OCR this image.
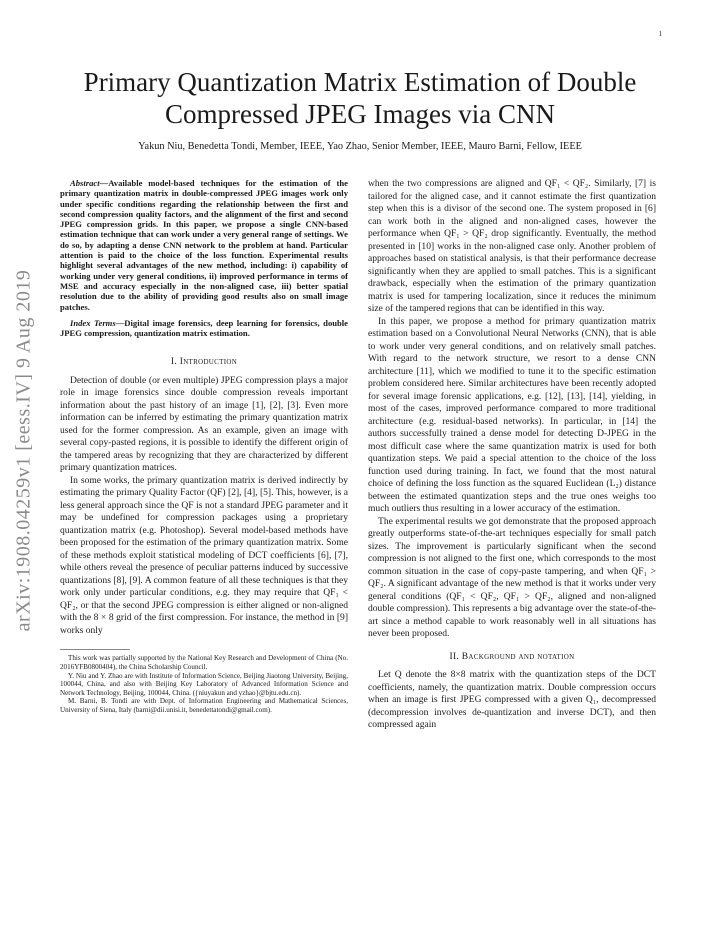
1
arXiv:1908.04259v1 [eess.IV] 9 Aug 2019
Primary Quantization Matrix Estimation of Double Compressed JPEG Images via CNN

Yakun Niu, Benedetta Tondi, Member, IEEE, Yao Zhao, Senior Member, IEEE, Mauro Barni, Fellow, IEEE

Abstract—Available model-based techniques for the estimation of the primary quantization matrix in double-compressed JPEG images work only under specific conditions regarding the relationship between the first and second compression quality factors, and the alignment of the first and second JPEG compression grids. In this paper, we propose a single CNN-based estimation technique that can work under a very general range of settings. We do so, by adapting a dense CNN network to the problem at hand. Particular attention is paid to the choice of the loss function. Experimental results highlight several advantages of the new method, including: i) capability of working under very general conditions, ii) improved performance in terms of MSE and accuracy especially in the non-aligned case, iii) better spatial resolution due to the ability of providing good results also on small image patches.

Index Terms—Digital image forensics, deep learning for forensics, double JPEG compression, quantization matrix estimation.

I. Introduction

Detection of double (or even multiple) JPEG compression plays a major role in image forensics since double compression reveals important information about the past history of an image [1], [2], [3]. Even more information can be inferred by estimating the primary quantization matrix used for the former compression. As an example, given an image with several copy-pasted regions, it is possible to identify the different origin of the tampered areas by recognizing that they are characterized by different primary quantization matrices.

In some works, the primary quantization matrix is derived indirectly by estimating the primary Quality Factor (QF) [2], [4], [5]. This, however, is a less general approach since the QF is not a standard JPEG parameter and it may be undefined for compression packages using a proprietary quantization matrix (e.g. Photoshop). Several model-based methods have been proposed for the estimation of the primary quantization matrix. Some of these methods exploit statistical modeling of DCT coefficients [6], [7], while others reveal the presence of peculiar patterns induced by successive quantizations [8], [9]. A common feature of all these techniques is that they work only under particular conditions, e.g. they may require that QF₁ < QF₂, or that the second JPEG compression is either aligned or non-aligned with the 8 × 8 grid of the first compression. For instance, the method in [9] works only

This work was partially supported by the National Key Research and Development of China (No. 2016YFB0800404), the China Scholarship Council.

Y. Niu and Y. Zhao are with Institute of Information Science, Beijing Jiaotong University, Beijing, 100044, China, and also with Beijing Key Laboratory of Advanced Information Science and Network Technology, Beijing, 100044, China. ({niuyakun and yzhao}@bjtu.edu.cn).

M. Barni, B. Tondi are with Dept. of Information Engineering and Mathematical Sciences, University of Siena, Italy (barni@dii.unisi.it, benedettatondi@gmail.com).

when the two compressions are aligned and QF₁ < QF₂. Similarly, [7] is tailored for the aligned case, and it cannot estimate the first quantization step when this is a divisor of the second one. The system proposed in [6] can work both in the aligned and non-aligned cases, however the performance when QF₁ > QF₂ drop significantly. Eventually, the method presented in [10] works in the non-aligned case only. Another problem of approaches based on statistical analysis, is that their performance decrease significantly when they are applied to small patches. This is a significant drawback, especially when the estimation of the primary quantization matrix is used for tampering localization, since it reduces the minimum size of the tampered regions that can be identified in this way.

In this paper, we propose a method for primary quantization matrix estimation based on a Convolutional Neural Networks (CNN), that is able to work under very general conditions, and on relatively small patches. With regard to the network structure, we resort to a dense CNN architecture [11], which we modified to tune it to the specific estimation problem considered here. Similar architectures have been recently adopted for several image forensic applications, e.g. [12], [13], [14], yielding, in most of the cases, improved performance compared to more traditional architecture (e.g. residual-based networks). In particular, in [14] the authors successfully trained a dense model for detecting D-JPEG in the most difficult case where the same quantization matrix is used for both quantization steps. We paid a special attention to the choice of the loss function used during training. In fact, we found that the most natural choice of defining the loss function as the squared Euclidean (L₂) distance between the estimated quantization steps and the true ones weighs too much outliers thus resulting in a lower accuracy of the estimation.

The experimental results we got demonstrate that the proposed approach greatly outperforms state-of-the-art techniques especially for small patch sizes. The improvement is particularly significant when the second compression is not aligned to the first one, which corresponds to the most common situation in the case of copy-paste tampering, and when QF₁ > QF₂. A significant advantage of the new method is that it works under very general conditions (QF₁ < QF₂, QF₁ > QF₂, aligned and non-aligned double compression). This represents a big advantage over the state-of-the-art since a method capable to work reasonably well in all situations has never been proposed.

II. Background and notation

Let Q denote the 8×8 matrix with the quantization steps of the DCT coefficients, namely, the quantization matrix. Double compression occurs when an image is first JPEG compressed with a given Q₁, decompressed (decompression involves de-quantization and inverse DCT), and then compressed again
